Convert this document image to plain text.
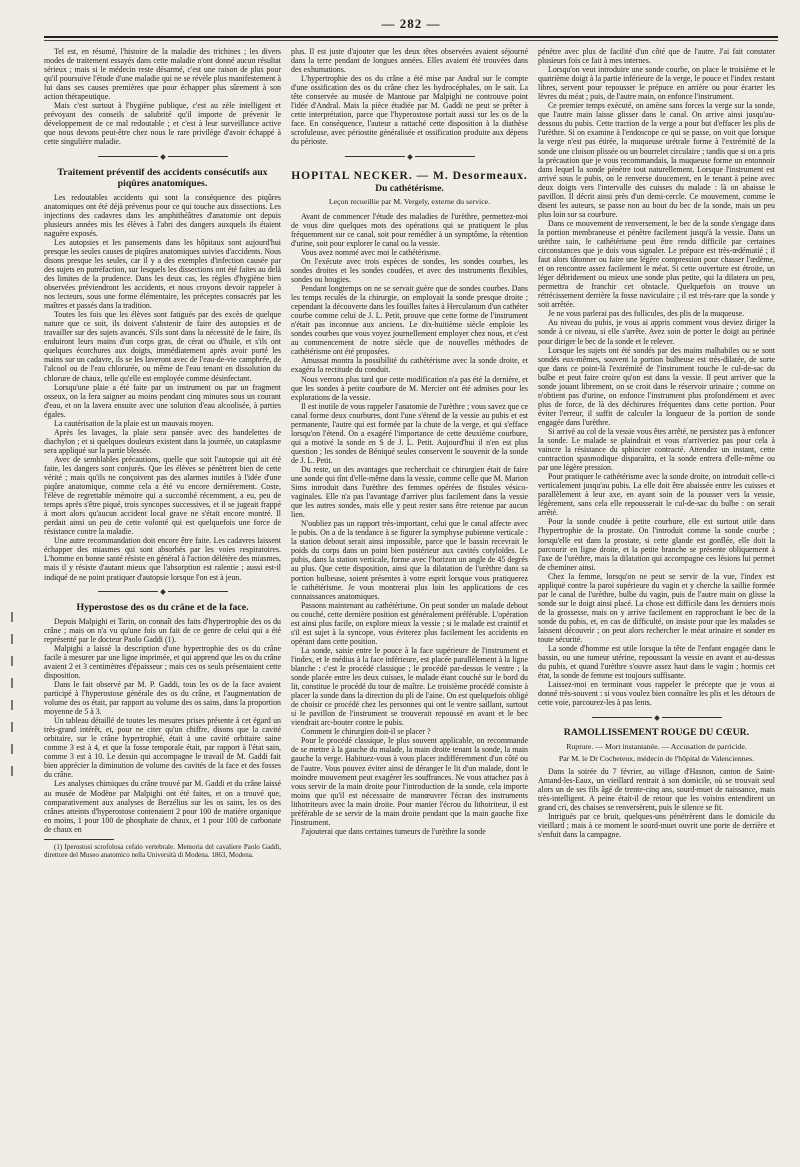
— 282 —

Tel est, en résumé, l'histoire de la maladie des trichines ; les divers modes de traitement essayés dans cette maladie n'ont donné aucun résultat sérieux ; mais si le médecin reste désarmé, c'est une raison de plus pour qu'il poursuive l'étude d'une maladie qui ne se révèle plus manifestement à lui dans ses causes premières que pour échapper plus sûrement à son action thérapeutique.

Mais c'est surtout à l'hygiène publique, c'est au zèle intelligent et prévoyant des conseils de salubrité qu'il importe de prévenir le développement de ce mal redoutable ; et c'est à leur surveillance active que nous devons peut-être chez nous le rare privilège d'avoir échappé à cette singulière maladie.

Traitement préventif des accidents consécutifs aux piqûres anatomiques.

Les redoutables accidents qui sont la conséquence des piqûres anatomiques ont été déjà prévenus pour ce qui touche aux dissections. Les injections des cadavres dans les amphithéâtres d'anatomie ont depuis plusieurs années mis les élèves à l'abri des dangers auxquels ils étaient naguère exposés.

Les autopsies et les pansements dans les hôpitaux sont aujourd'hui presque les seules causes de piqûres anatomiques suivies d'accidents. Nous disons presque les seules, car il y a des exemples d'infection causée par des sujets en putréfaction, sur lesquels les dissections ont été faites au delà des limites de la prudence. Dans les deux cas, les règles d'hygiène bien observées préviendront les accidents, et nous croyons devoir rappeler à nos lecteurs, sous une forme élémentaire, les préceptes consacrés par les maîtres et passés dans la tradition.

Toutes les fois que les élèves sont fatigués par des excès de quelque nature que ce soit, ils doivent s'abstenir de faire des autopsies et de travailler sur des sujets avancés. S'ils sont dans la nécessité de le faire, ils enduiront leurs mains d'un corps gras, de cérat ou d'huile, et s'ils ont quelques écorchures aux doigts, immédiatement après avoir porté les mains sur un cadavre, ils se les laveront avec de l'eau-de-vie camphrée, de l'alcool ou de l'eau chlorurée, ou même de l'eau tenant en dissolution du chlorure de chaux, telle qu'elle est employée comme désinfectant.

Lorsqu'une plaie a été faite par un instrument ou par un fragment osseux, on la fera saigner au moins pendant cinq minutes sous un courant d'eau, et on la lavera ensuite avec une solution d'eau alcoolisée, à parties égales.

La cautérisation de la plaie est un mauvais moyen.

Après les lavages, la plaie sera pansée avec des bandelettes de diachylon ; et si quelques douleurs existent dans la journée, un cataplasme sera appliqué sur la partie blessée.

Avec de semblables précautions, quelle que soit l'autopsie qui ait été faite, les dangers sont conjurés. Que les élèves se pénètrent bien de cette vérité ; mais qu'ils ne conçoivent pas des alarmes inutiles à l'idée d'une piqûre anatomique, comme cela a été vu encore dernièrement. Coste, l'élève de regrettable mémoire qui a succombé récemment, a eu, peu de temps après s'être piqué, trois syncopes successives, et il se jugeait frappé à mort alors qu'aucun accident local grave ne s'était encore montré. Il perdait ainsi un peu de cette volonté qui est quelquefois une force de résistance contre la maladie.

Une autre recommandation doit encore être faite. Les cadavres laissent échapper des miasmes qui sont absorbés par les voies respiratoires. L'homme en bonne santé résiste en général à l'action délétère des miasmes, mais il y résiste d'autant mieux que l'absorption est ralentie ; aussi est-il indiqué de ne point pratiquer d'autopsie lorsque l'on est à jeun.

Hyperostose des os du crâne et de la face.

Depuis Malpighi et Tarin, on connaît des faits d'hypertrophie des os du crâne ; mais on n'a vu qu'une fois un fait de ce genre de celui qui a été représenté par le docteur Paolo Gaddi (1).

Malpighi a laissé la description d'une hypertrophie des os du crâne facile à mesurer par une ligne imprimée, et qui apprend que les os du crâne avaient 2 et 3 centimètres d'épaisseur ; mais ces os seuls présentaient cette disposition.

Dans le fait observé par M. P. Gaddi, tous les os de la face avaient participé à l'hyperostose générale des os du crâne, et l'augmentation de volume des os était, par rapport au volume des os sains, dans la proportion moyenne de 5 à 3.

Un tableau détaillé de toutes les mesures prises présente à cet égard un très-grand intérêt, et, pour ne citer qu'un chiffre, disons que la cavité orbitaire, sur le crâne hypertrophié, était à une cavité orbitaire saine comme 3 est à 4, et que la fosse temporale était, par rapport à l'état sain, comme 3 est à 10. Le dessin qui accompagne le travail de M. Gaddi fait bien apprécier la diminution de volume des cavités de la face et des fosses du crâne.

Les analyses chimiques du crâne trouvé par M. Gaddi et du crâne laissé au musée de Modène par Malpighi ont été faites, et on a trouvé que, comparativement aux analyses de Berzélius sur les os sains, les os des crânes atteints d'hyperostose contenaient 2 pour 100 de matière organique en moins, 1 pour 100 de phosphate de chaux, et 1 pour 100 de carbonate de chaux en

(1) Iperostosi scrofolosa cefalo vertebrale. Memoria del cavaliere Paolo Gaddi, direttore del Museo anatomico nella Università di Modena. 1863, Modena.

plus. Il est juste d'ajouter que les deux têtes observées avaient séjourné dans la terre pendant de longues années. Elles avaient été trouvées dans des exhumations.

L'hypertrophie des os du crâne a été mise par Andral sur le compte d'une ossification des os du crâne chez les hydrocéphales, on le sait. La tête conservée au musée de Mantoue par Malpighi ne controuve point l'idée d'Andral. Mais la pièce étudiée par M. Gaddi ne peut se prêter à cette interprétation, parce que l'hyperostose portait aussi sur les os de la face. En conséquence, l'auteur a rattaché cette disposition à la diathèse scrofuleuse, avec périostite généralisée et ossification produite aux dépens du périoste.

HOPITAL NECKER. — M. Desormeaux.
Du cathétérisme.
Leçon recueillie par M. Vergely, externe du service.

Avant de commencer l'étude des maladies de l'urèthre, permettez-moi de vous dire quelques mots des opérations qui se pratiquent le plus fréquemment sur ce canal, soit pour remédier à un symptôme, la rétention d'urine, soit pour explorer le canal ou la vessie.

Vous avez nommé avec moi le cathétérisme.

On l'exécute avec trois espèces de sondes, les sondes courbes, les sondes droites et les sondes coudées, et avec des instruments flexibles, sondes ou bougies.

Pendant longtemps on ne se servait guère que de sondes courbes. Dans les temps reculés de la chirurgie, on employait la sonde presque droite ; cependant la découverte dans les fouilles faites à Herculanum d'un cathéter courbe comme celui de J. L. Petit, prouve que cette forme de l'instrument n'était pas inconnue aux anciens. Le dix-huitième siècle emploie les sondes courbes que vous voyez journellement employer chez nous, et c'est au commencement de notre siècle que de nouvelles méthodes de cathétérisme ont été proposées.

Amussat montra la possibilité du cathétérisme avec la sonde droite, et exagéra la rectitude du conduit.

Nous verrons plus tard que cette modification n'a pas été la dernière, et que les sondes à petite courbure de M. Mercier ont été admises pour les explorations de la vessie.

Il est inutile de vous rappeler l'anatomie de l'urèthre ; vous savez que ce canal forme deux courbures, dont l'une s'étend de la vessie au pubis et est permanente, l'autre qui est formée par la chute de la verge, et qui s'efface lorsqu'on l'étend. On a exagéré l'importance de cette deuxième courbure, qui a motivé la sonde en S de J. L. Petit. Aujourd'hui il n'en est plus question ; les sondes de Béniqué seules conservent le souvenir de la sonde de J. L. Petit.

Du reste, un des avantages que recherchait ce chirurgien était de faire une sonde qui tînt d'elle-même dans la vessie, comme celle que M. Marion Sims introduit dans l'urèthre des femmes opérées de fistules vésico-vaginales. Elle n'a pas l'avantage d'arriver plus facilement dans la vessie que les autres sondes, mais elle y peut rester sans être retenue par aucun lien.

N'oubliez pas un rapport très-important, celui que le canal affecte avec le pubis. On a de la tendance à se figurer la symphyse pubienne verticale : la station debout serait ainsi impossible, parce que le bassin recevrait le poids du corps dans un point bien postérieur aux cavités cotyloïdes. Le pubis, dans la station verticale, forme avec l'horizon un angle de 45 degrés au plus. Que cette disposition, ainsi que la dilatation de l'urèthre dans sa portion bulbeuse, soient présentes à votre esprit lorsque vous pratiquerez le cathétérisme. Je vous montrerai plus loin les applications de ces connaissances anatomiques.

Passons maintenant au cathétérisme. On peut sonder un malade debout ou couché, cette dernière position est généralement préférable. L'opération est ainsi plus facile, on explore mieux la vessie ; si le malade est craintif et s'il est sujet à la syncope, vous éviterez plus facilement les accidents en opérant dans cette position.

La sonde, saisie entre le pouce à la face supérieure de l'instrument et l'index, et le médius à la face inférieure, est placée parallèlement à la ligne blanche : c'est le procédé classique ; le procédé par-dessus le ventre ; la sonde placée entre les deux cuisses, le malade étant couché sur le bord du lit, constitue le procédé du tour de maître. Le troisième procédé consiste à placer la sonde dans la direction du pli de l'aine. On est quelquefois obligé de choisir ce procédé chez les personnes qui ont le ventre saillant, surtout si le pavillon de l'instrument se trouverait repoussé en avant et le bec viendrait arc-bouter contre le pubis.

Comment le chirurgien doit-il se placer ?

Pour le procédé classique, le plus souvent applicable, on recommande de se mettre à la gauche du malade, la main droite tenant la sonde, la main gauche la verge. Habituez-vous à vous placer indifféremment d'un côté ou de l'autre. Vous pouvez éviter ainsi de déranger le lit d'un malade, dont le moindre mouvement peut exagérer les souffrances. Ne vous attachez pas à vous servir de la main droite pour l'introduction de la sonde, cela importe moins que qu'il est nécessaire de manœuvrer l'écran des instruments lithotriteurs avec la main droite. Pour manier l'écrou du lithotriteur, il est préférable de se servir de la main droite pendant que la main gauche fixe l'instrument.

J'ajouterai que dans certaines tumeurs de l'urèthre la sonde

pénètre avec plus de facilité d'un côté que de l'autre. J'ai fait constater plusieurs fois ce fait à mes internes.

Lorsqu'on veut introduire une sonde courbe, on place le troisième et le quatrième doigt à la partie inférieure de la verge, le pouce et l'index restant libres, servent pour repousser le prépuce en arrière ou pour écarter les lèvres du méat ; puis, de l'autre main, on enfonce l'instrument.

Ce premier temps exécuté, on amène sans forces la verge sur la sonde, que l'autre main laisse glisser dans le canal. On arrive ainsi jusqu'au-dessous du pubis. Cette traction de la verge a pour but d'effacer les plis de l'urèthre. Si on examine à l'endoscope ce qui se passe, on voit que lorsque la verge n'est pas étirée, la muqueuse urétrale forme à l'extrémité de la sonde une cloison plissée ou un bourrelet circulaire ; tandis que si on a pris la précaution que je vous recommandais, la muqueuse forme un entonnoir dans lequel la sonde pénètre tout naturellement. Lorsque l'instrument est arrivé sous le pubis, on le renverse doucement, en le tenant à peine avec deux doigts vers l'intervalle des cuisses du malade : là on abaisse le pavillon. Il décrit ainsi près d'un demi-cercle. Ce mouvement, comme le disent les auteurs, se passe non au bout du bec de la sonde, mais un peu plus loin sur sa courbure.

Dans ce mouvement de renversement, le bec de la sonde s'engage dans la portion membraneuse et pénètre facilement jusqu'à la vessie. Dans un urèthre sain, le cathétérisme peut être rendu difficile par certaines circonstances que je dois vous signaler. Le prépuce est très-œdématié ; il faut alors tâtonner ou faire une légère compression pour chasser l'œdème, et on rencontre assez facilement le méat. Si cette ouverture est étroite, un léger débridement ou mieux une sonde plus petite, qui la dilatera un peu, permettra de franchir cet obstacle. Quelquefois on trouve un rétrécissement derrière la fosse naviculaire ; il est très-rare que la sonde y soit arrêtée.

Je ne vous parlerai pas des follicules, des plis de la muqueuse.

Au niveau du pubis, je vous ai appris comment vous deviez diriger la sonde à ce niveau, si elle s'arrête. Avez soin de porter le doigt au périnée pour diriger le bec de la sonde et le relever.

Lorsque les sujets ont été sondés par des mains malhabiles ou se sont sondés eux-mêmes, souvent la portion bulbeuse est très-dilatée, de sorte que dans ce point-là l'extrémité de l'instrument touche le cul-de-sac du bulbe et peut faire croire qu'on est dans la vessie. Il peut arriver que la sonde jouant librement, on se croit dans le réservoir urinaire ; comme on n'obtient pas d'urine, on enfonce l'instrument plus profondément et avec plus de force, de là des déchirures fréquentes dans cette portion. Pour éviter l'erreur, il suffit de calculer la longueur de la portion de sonde engagée dans l'urèthre.

Si arrivé au col de la vessie vous êtes arrêté, ne persistez pas à enfoncer la sonde. Le malade se plaindrait et vous n'arriveriez pas pour cela à vaincre la résistance du sphincter contracté. Attendez un instant, cette contraction spasmodique disparaîtra, et la sonde entrera d'elle-même ou par une légère pression.

Pour pratiquer le cathétérisme avec la sonde droite, on introduit celle-ci verticalement jusqu'au pubis. La elle doit être abaissée entre les cuisses et parallèlement à leur axe, en ayant soin de la pousser vers la vessie, légèrement, sans cela elle repousserait le cul-de-sac du bulbe : on serait arrêté.

Pour la sonde coudée à petite courbure, elle est surtout utile dans l'hypertrophie de la prostate. On l'introduit comme la sonde courbe ; lorsqu'elle est dans la prostate, si cette glande est gonflée, elle doit la parcourir en ligne droite, et la petite branche se présente obliquement à l'axe de l'urèthre, mais la dilatation qui accompagne ces lésions lui permet de cheminer ainsi.

Chez la femme, lorsqu'on ne peut se servir de la vue, l'index est appliqué contre la paroi supérieure du vagin et y cherche la saillie formée par le canal de l'urèthre, bulbe du vagin, puis de l'autre main on glisse la sonde sur le doigt ainsi placé. La chose est difficile dans les derniers mois de la grossesse, mais on y arrive facilement en rapprochant le bec de la sonde du pubis, et, en cas de difficulté, on insiste pour que les malades se laissent découvrir ; on peut alors rechercher le méat urinaire et sonder en toute sécurité.

La sonde d'homme est utile lorsque la tête de l'enfant engagée dans le bassin, ou une tumeur utérine, repoussant la vessie en avant et au-dessus du pubis, et quand l'urèthre s'ouvre assez haut dans le vagin ; hormis cet état, la sonde de femme est toujours suffisante.

Laissez-moi en terminant vous rappeler le précepte que je vous ai donné très-souvent : si vous voulez bien connaître les plis et les détours de cette voie, parcourez-les à pas lents.

RAMOLLISSEMENT ROUGE DU CŒUR.
Rupture. — Mort instantanée. — Accusation de parricide.
Par M. le Dr Cocheteux, médecin de l'hôpital de Valenciennes.

Dans la soirée du 7 février, au village d'Hasnon, canton de Saint-Amand-les-Eaux, un vieillard rentrait à son domicile, où se trouvait seul alors un de ses fils âgé de trente-cinq ans, sourd-muet de naissance, mais très-intelligent. A peine était-il de retour que les voisins entendirent un grand cri, des chaises se renversèrent, puis le silence se fit.

Intrigués par ce bruit, quelques-uns pénétrèrent dans le domicile du vieillard ; mais à ce moment le sourd-muet ouvrit une porte de derrière et s'enfuit dans la campagne.
